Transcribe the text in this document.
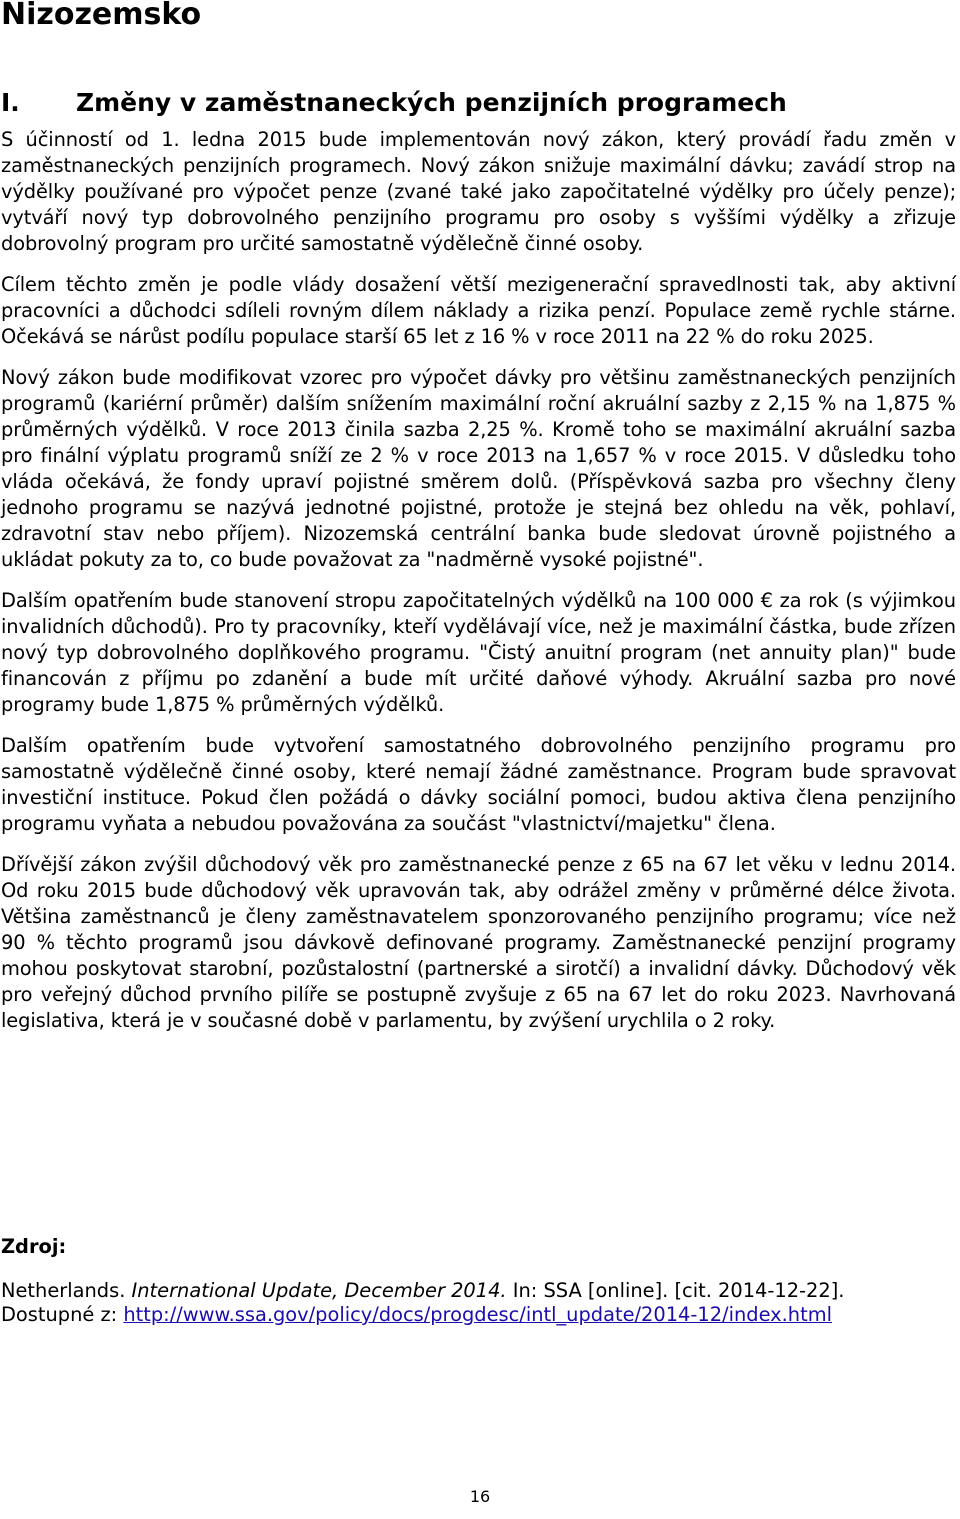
Nizozemsko
I. Změny v zaměstnaneckých penzijních programech

S účinností od 1. ledna 2015 bude implementován nový zákon, který provádí řadu změn v zaměstnaneckých penzijních programech. Nový zákon snižuje maximální dávku; zavádí strop na výdělky používané pro výpočet penze (zvané také jako započitatelné výdělky pro účely penze); vytváří nový typ dobrovolného penzijního programu pro osoby s vyššími výdělky a zřizuje dobrovolný program pro určité samostatně výdělečně činné osoby.

Cílem těchto změn je podle vlády dosažení větší mezigenerační spravedlnosti tak, aby aktivní pracovníci a důchodci sdíleli rovným dílem náklady a rizika penzí. Populace země rychle stárne. Očekává se nárůst podílu populace starší 65 let z 16 % v roce 2011 na 22 % do roku 2025.

Nový zákon bude modifikovat vzorec pro výpočet dávky pro většinu zaměstnaneckých penzijních programů (kariérní průměr) dalším snížením maximální roční akruální sazby z 2,15 % na 1,875 % průměrných výdělků. V roce 2013 činila sazba 2,25 %. Kromě toho se maximální akruální sazba pro finální výplatu programů sníží ze 2 % v roce 2013 na 1,657 % v roce 2015. V důsledku toho vláda očekává, že fondy upraví pojistné směrem dolů. (Příspěvková sazba pro všechny členy jednoho programu se nazývá jednotné pojistné, protože je stejná bez ohledu na věk, pohlaví, zdravotní stav nebo příjem). Nizozemská centrální banka bude sledovat úrovně pojistného a ukládat pokuty za to, co bude považovat za "nadměrně vysoké pojistné".

Dalším opatřením bude stanovení stropu započitatelných výdělků na 100 000 € za rok (s výjimkou invalidních důchodů). Pro ty pracovníky, kteří vydělávají více, než je maximální částka, bude zřízen nový typ dobrovolného doplňkového programu. "Čistý anuitní program (net annuity plan)" bude financován z příjmu po zdanění a bude mít určité daňové výhody. Akruální sazba pro nové programy bude 1,875 % průměrných výdělků.

Dalším opatřením bude vytvoření samostatného dobrovolného penzijního programu pro samostatně výdělečně činné osoby, které nemají žádné zaměstnance. Program bude spravovat investiční instituce. Pokud člen požádá o dávky sociální pomoci, budou aktiva člena penzijního programu vyňata a nebudou považována za součást "vlastnictví/majetku" člena.

Dřívější zákon zvýšil důchodový věk pro zaměstnanecké penze z 65 na 67 let věku v lednu 2014. Od roku 2015 bude důchodový věk upravován tak, aby odrážel změny v průměrné délce života. Většina zaměstnanců je členy zaměstnavatelem sponzorovaného penzijního programu; více než 90 % těchto programů jsou dávkově definované programy. Zaměstnanecké penzijní programy mohou poskytovat starobní, pozůstalostní (partnerské a sirotčí) a invalidní dávky. Důchodový věk pro veřejný důchod prvního pilíře se postupně zvyšuje z 65 na 67 let do roku 2023. Navrhovaná legislativa, která je v současné době v parlamentu, by zvýšení urychlila o 2 roky.

Zdroj:

Netherlands. International Update, December 2014. In: SSA [online]. [cit. 2014-12-22].

Dostupné z: http://www.ssa.gov/policy/docs/progdesc/intl_update/2014-12/index.html

16
